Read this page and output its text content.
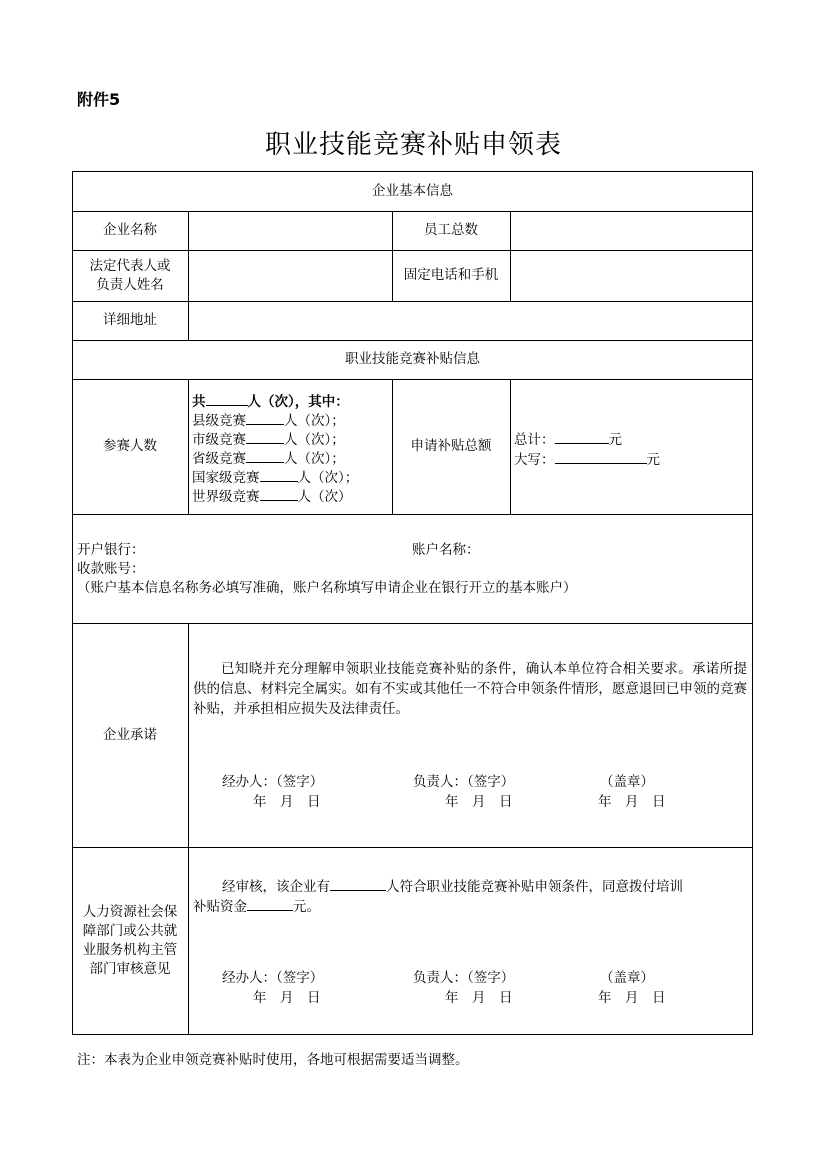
附件5
职业技能竞赛补贴申领表
企业基本信息
企业名称	员工总数
法定代表人或
负责人姓名
固定电话和手机
详细地址
职业技能竞赛补贴信息
参赛人数
共	人（次），其中：
县级竞赛	人（次）；
市级竞赛	人（次）；
省级竞赛	人（次）；
国家级竞赛	人（次）；
世界级竞赛	人（次）
申请补贴总额	总计：	元
大写：	元
开户银行：	账户名称：
收款账号：
（账户基本信息名称务必填写准确，账户名称填写申请企业在银行开立的基本账户）
企业承诺
已知晓并充分理解申领职业技能竞赛补贴的条件，确认本单位符合相关要求。承诺所提供的信息、材料完全属实。如有不实或其他任一不符合申领条件情形，愿意退回已申领的竞赛补贴，并承担相应损失及法律责任。
经办人：（签字）	负责人：（签字）	（盖章）
年　月　日	年　月　日	年　月　日
人力资源社会保
障部门或公共就
业服务机构主管
部门审核意见
经审核，该企业有	人符合职业技能竞赛补贴申领条件，同意拨付培训
补贴资金	元。
经办人：（签字）	负责人：（签字）	（盖章）
年　月　日	年　月　日	年　月　日
注：本表为企业申领竞赛补贴时使用，各地可根据需要适当调整。
